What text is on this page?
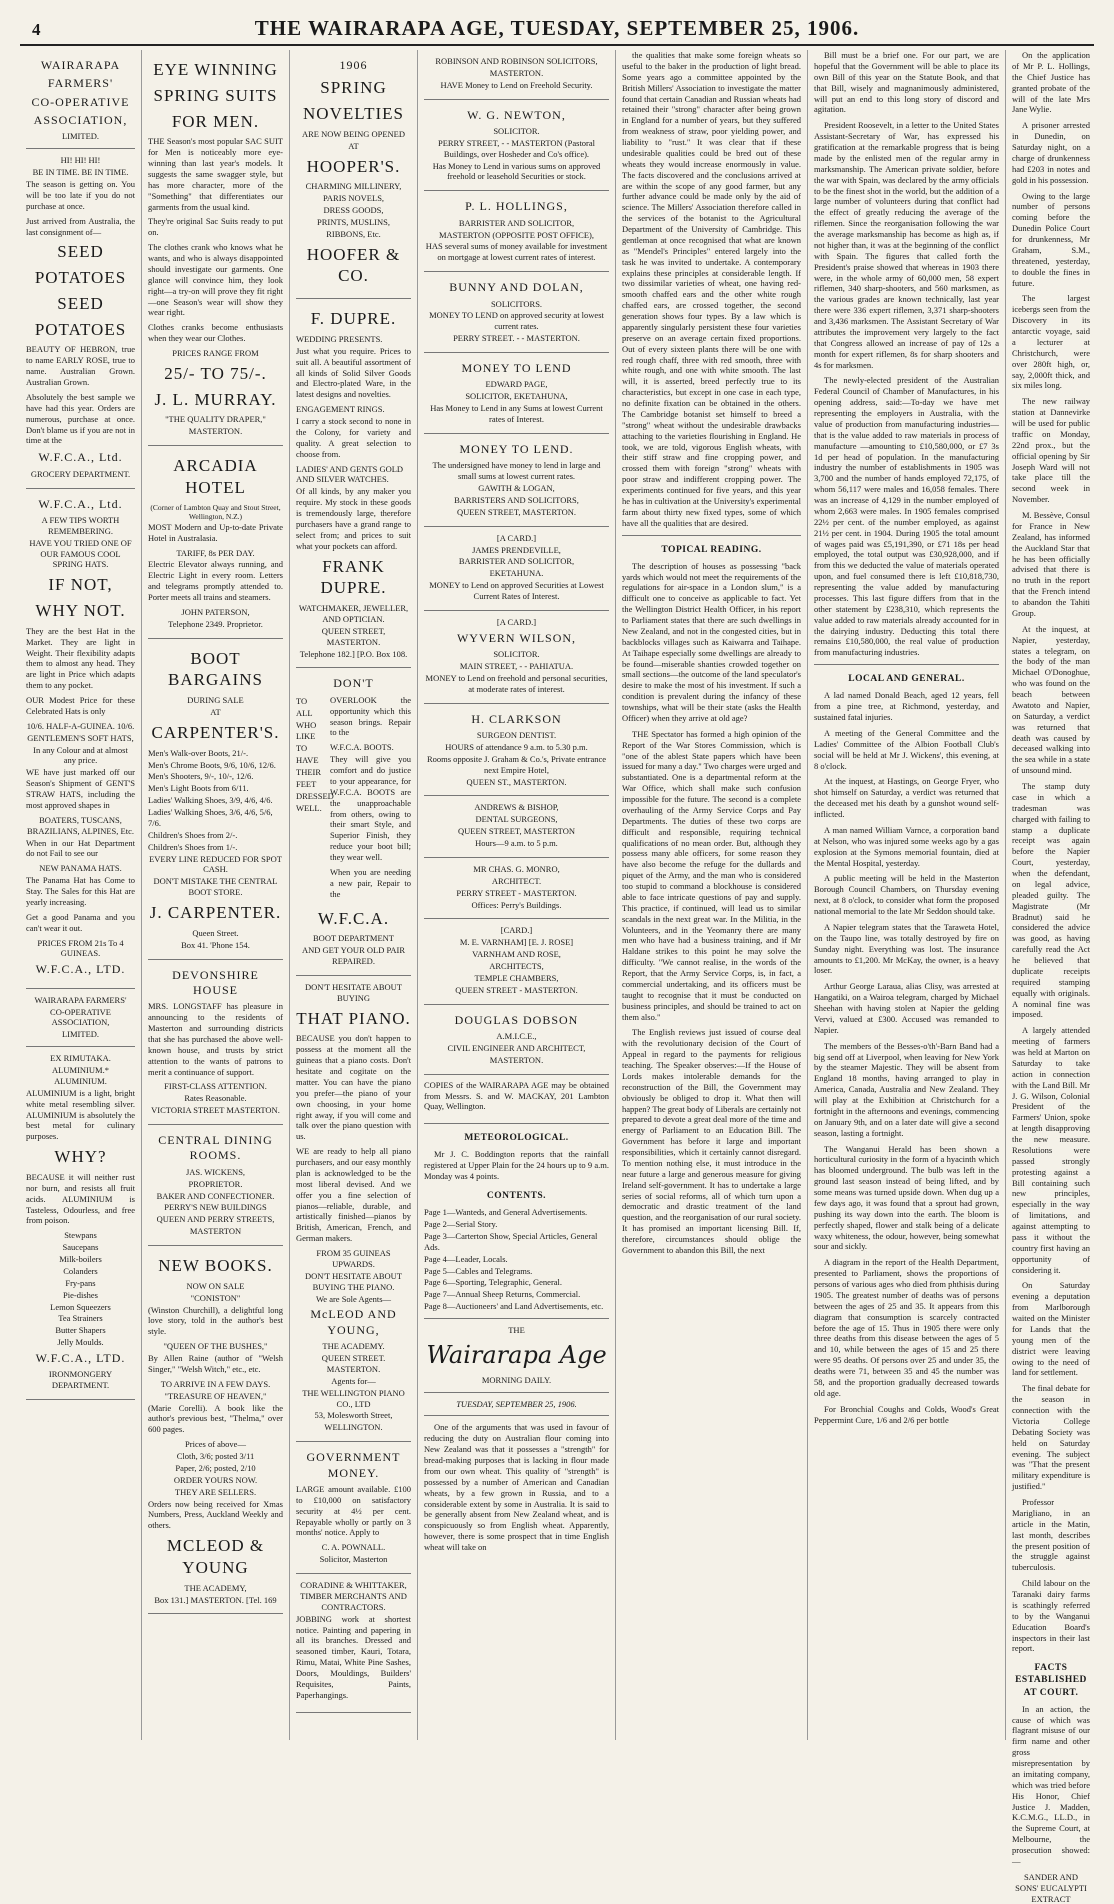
4	THE WAIRARAPA AGE, TUESDAY, SEPTEMBER 25, 1906.
WAIRARAPA
FARMERS'
CO-OPERATIVE
ASSOCIATION,
LIMITED.
HI! HI! HI!
BE IN TIME. BE IN TIME.

The season is getting on. You will be too late if you do not purchase at once.

Just arrived from Australia, the last consignment of—

SEED
POTATOES
SEED
POTATOES

BEAUTY OF HEBRON, true to name EARLY ROSE, true to name. Australian Grown. Australian Grown.

Absolutely the best sample we have had this year. Orders are numerous, purchase at once. Don't blame us if you are not in time at the

W.F.C.A., Ltd.
GROCERY DEPARTMENT.
W.F.C.A., Ltd.
A FEW TIPS WORTH REMEMBERING.
HAVE YOU TRIED ONE OF OUR FAMOUS COOL SPRING HATS.
IF NOT,
WHY NOT.

They are the best Hat in the Market. They are light in Weight. Their flexibility adapts them to almost any head. They are light in Price which adapts them to any pocket.

OUR Modest Price for these Celebrated Hats is only

10/6. HALF-A-GUINEA. 10/6.
GENTLEMEN'S SOFT HATS,
In any Colour and at almost any price.

WE have just marked off our Season's Shipment of GENT'S STRAW HATS, including the most approved shapes in

BOATERS, TUSCANS, BRAZILIANS, ALPINES, Etc.

When in our Hat Department do not Fail to see our

NEW PANAMA HATS.

The Panama Hat has Come to Stay. The Sales for this Hat are yearly increasing.

Get a good Panama and you can't wear it out.

PRICES FROM 21s To 4 GUINEAS.
W.F.C.A., LTD.
WAIRARAPA FARMERS'
CO-OPERATIVE ASSOCIATION,
LIMITED.
EX RIMUTAKA.
ALUMINIUM.* ALUMINIUM.

ALUMINIUM is a light, bright white metal resembling silver. ALUMINIUM is absolutely the best metal for culinary purposes.

WHY?

BECAUSE it will neither rust nor burn, and resists all fruit acids. ALUMINIUM is Tasteless, Odourless, and free from poison.

Stewpans
Saucepans
Milk-boilers
Colanders
Fry-pans
Pie-dishes
Lemon Squeezers
Tea Strainers
Butter Shapers
Jelly Moulds.
W.F.C.A., LTD.
IRONMONGERY DEPARTMENT.
EYE WINNING
SPRING SUITS
FOR MEN.

THE Season's most popular SAC SUIT for Men is noticeably more eye-winning than last year's models. It suggests the same swagger style, but has more character, more of the "Something" that differentiates our garments from the usual kind.

They're original Sac Suits ready to put on.

The clothes crank who knows what he wants, and who is always disappointed should investigate our garments. One glance will convince him, they look right—a try-on will prove they fit right—one Season's wear will show they wear right.

Clothes cranks become enthusiasts when they wear our Clothes.

PRICES RANGE FROM
25/- TO 75/-.
J. L. MURRAY.
"THE QUALITY DRAPER,"
MASTERTON.
ARCADIA HOTEL
(Corner of Lambton Quay and Stout Street, Wellington, N.Z.)

MOST Modern and Up-to-date Private Hotel in Australasia.

TARIFF, 8s PER DAY.

Electric Elevator always running, and Electric Light in every room. Letters and telegrams promptly attended to. Porter meets all trains and steamers.

JOHN PATERSON,
Telephone 2349. Proprietor.
BOOT BARGAINS
DURING SALE
AT
CARPENTER'S.
Men's Walk-over Boots, 21/-.
Men's Chrome Boots, 9/6, 10/6, 12/6.
Men's Shooters, 9/-, 10/-, 12/6.
Men's Light Boots from 6/11.
Ladies' Walking Shoes, 3/9, 4/6, 4/6.
Ladies' Walking Shoes, 3/6, 4/6, 5/6, 7/6.
Children's Shoes from 2/-.
Children's Shoes from 1/-.
EVERY LINE REDUCED FOR SPOT CASH.
DON'T MISTAKE THE CENTRAL BOOT STORE.
J. CARPENTER.
Queen Street.
Box 41. 'Phone 154.
DEVONSHIRE HOUSE

MRS. LONGSTAFF has pleasure in announcing to the residents of Masterton and surrounding districts that she has purchased the above well-known house, and trusts by strict attention to the wants of patrons to merit a continuance of support.

FIRST-CLASS ATTENTION.
Rates Reasonable.
VICTORIA STREET MASTERTON.
CENTRAL DINING ROOMS.
JAS. WICKENS,
PROPRIETOR.
BAKER AND CONFECTIONER.
PERRY'S NEW BUILDINGS
QUEEN AND PERRY STREETS,
MASTERTON
NEW BOOKS.
NOW ON SALE
"CONISTON"

(Winston Churchill), a delightful long love story, told in the author's best style.

"QUEEN OF THE BUSHES,"

By Allen Raine (author of "Welsh Singer," "Welsh Witch," etc., etc.

TO ARRIVE IN A FEW DAYS.
"TREASURE OF HEAVEN,"

(Marie Corelli). A book like the author's previous best, "Thelma," over 600 pages.

Prices of above—
Cloth, 3/6; posted 3/11
Paper, 2/6; posted, 2/10
ORDER YOURS NOW.
THEY ARE SELLERS.

Orders now being received for Xmas Numbers, Press, Auckland Weekly and others.

MCLEOD & YOUNG
THE ACADEMY,
Box 131.] MASTERTON. [Tel. 169
1906
SPRING
NOVELTIES
ARE NOW BEING OPENED
AT
HOOPER'S.
CHARMING MILLINERY,
PARIS NOVELS,
DRESS GOODS,
PRINTS, MUSLINS,
RIBBONS, Etc.
HOOFER & CO.
F. DUPRE.
WEDDING PRESENTS.

Just what you require. Prices to suit all. A beautiful assortment of all kinds of Solid Silver Goods and Electro-plated Ware, in the latest designs and novelties.

ENGAGEMENT RINGS.

I carry a stock second to none in the Colony, for variety and quality. A great selection to choose from.

LADIES' AND GENTS GOLD AND SILVER WATCHES.

Of all kinds, by any maker you require. My stock in these goods is tremendously large, therefore purchasers have a grand range to select from; and prices to suit what your pockets can afford.

FRANK DUPRE.
WATCHMAKER, JEWELLER, AND OPTICIAN.
QUEEN STREET, MASTERTON.
Telephone 182.] [P.O. Box 108.
DON'T
TO
ALL
WHO
LIKE
TO
HAVE
THEIR
FEET
DRESSED
WELL.

OVERLOOK the opportunity which this season brings. Repair to the

W.F.C.A. BOOTS.

They will give you comfort and do justice to your appearance, for W.F.C.A. BOOTS are the unapproachable from others, owing to their smart Style, and Superior Finish, they reduce your boot bill; they wear well.

When you are needing a new pair, Repair to the

W.F.C.A.
BOOT DEPARTMENT
AND GET YOUR OLD PAIR REPAIRED.
DON'T HESITATE ABOUT BUYING
THAT PIANO.

BECAUSE you don't happen to possess at the moment all the guineas that a piano costs. Don't hesitate and cogitate on the matter. You can have the piano you prefer—the piano of your own choosing, in your home right away, if you will come and talk over the piano question with us.

WE are ready to help all piano purchasers, and our easy monthly plan is acknowledged to be the most liberal devised. And we offer you a fine selection of pianos—reliable, durable, and artistically finished—pianos by British, American, French, and German makers.

FROM 35 GUINEAS UPWARDS.
DON'T HESITATE ABOUT BUYING THE PIANO.
We are Sole Agents—
McLEOD AND YOUNG,
THE ACADEMY.
QUEEN STREET. MASTERTON.
Agents for—
THE WELLINGTON PIANO CO., LTD
53, Molesworth Street,
WELLINGTON.
GOVERNMENT MONEY.

LARGE amount available. £100 to £10,000 on satisfactory security at 4½ per cent. Repayable wholly or partly on 3 months' notice. Apply to

C. A. POWNALL.
Solicitor, Masterton
CORADINE & WHITTAKER, TIMBER MERCHANTS AND CONTRACTORS.

JOBBING work at shortest notice. Painting and papering in all its branches. Dressed and seasoned timber, Kauri, Totara, Rimu, Matai, White Pine Sashes, Doors, Mouldings, Builders' Requisites, Paints, Paperhangings.

ROBINSON AND ROBINSON SOLICITORS,
MASTERTON.
HAVE Money to Lend on Freehold Security.
W. G. NEWTON,
SOLICITOR.
PERRY STREET, - - MASTERTON (Pastoral Buildings, over Hosheder and Co's office).
Has Money to Lend in various sums on approved freehold or leasehold Securities or stock.
P. L. HOLLINGS,
BARRISTER AND SOLICITOR,
MASTERTON (OPPOSITE POST OFFICE),
HAS several sums of money available for investment on mortgage at lowest current rates of interest.
BUNNY AND DOLAN,
SOLICITORS.
MONEY TO LEND on approved security at lowest current rates.
PERRY STREET. - - MASTERTON.
MONEY TO LEND
EDWARD PAGE,
SOLICITOR, EKETAHUNA,
Has Money to Lend in any Sums at lowest Current rates of Interest.
MONEY TO LEND.
The undersigned have money to lend in large and small sums at lowest current rates.
GAWITH & LOGAN,
BARRISTERS AND SOLICITORS,
QUEEN STREET, MASTERTON.
[A CARD.]
JAMES PRENDEVILLE,
BARRISTER AND SOLICITOR,
EKETAHUNA.
MONEY to Lend on approved Securities at Lowest Current Rates of Interest.
[A CARD.]
WYVERN WILSON,
SOLICITOR.
MAIN STREET, - - PAHIATUA.
MONEY to Lend on freehold and personal securities, at moderate rates of interest.
H. CLARKSON
SURGEON DENTIST.
HOURS of attendance 9 a.m. to 5.30 p.m.
Rooms opposite J. Graham & Co.'s, Private entrance next Empire Hotel,
QUEEN ST., MASTERTON.
ANDREWS & BISHOP,
DENTAL SURGEONS,
QUEEN STREET, MASTERTON
Hours—9 a.m. to 5 p.m.
MR CHAS. G. MONRO,
ARCHITECT.
PERRY STREET - MASTERTON.
Offices: Perry's Buildings.
[CARD.]
M. E. VARNHAM] [E. J. ROSE]
VARNHAM AND ROSE,
ARCHITECTS,
TEMPLE CHAMBERS,
QUEEN STREET - MASTERTON.
DOUGLAS DOBSON
A.M.I.C.E.,
CIVIL ENGINEER AND ARCHITECT,
MASTERTON.

COPIES of the WAIRARAPA AGE may be obtained from Messrs. S. and W. MACKAY, 201 Lambton Quay, Wellington.

METEOROLOGICAL.

Mr J. C. Boddington reports that the rainfall registered at Upper Plain for the 24 hours up to 9 a.m. Monday was 4 points.

CONTENTS.
Page 1—Wanteds, and General Advertisements.
Page 2—Serial Story.
Page 3—Carterton Show, Special Articles, General Ads.
Page 4—Leader, Locals.
Page 5—Cables and Telegrams.
Page 6—Sporting, Telegraphic, General.
Page 7—Annual Sheep Returns, Commercial.
Page 8—Auctioneers' and Land Advertisements, etc.
THE
Wairarapa Age
MORNING DAILY.
TUESDAY, SEPTEMBER 25, 1906.

One of the arguments that was used in favour of reducing the duty on Australian flour coming into New Zealand was that it possesses a "strength" for bread-making purposes that is lacking in flour made from our own wheat. This quality of "strength" is possessed by a number of American and Canadian wheats, by a few grown in Russia, and to a considerable extent by some in Australia. It is said to be generally absent from New Zealand wheat, and is conspicuously so from English wheat. Apparently, however, there is some prospect that in time English wheat will take on

the qualities that make some foreign wheats so useful to the baker in the production of light bread. Some years ago a committee appointed by the British Millers' Association to investigate the matter found that certain Canadian and Russian wheats had retained their "strong" character after being grown in England for a number of years, but they suffered from weakness of straw, poor yielding power, and liability to "rust." It was clear that if these undesirable qualities could be bred out of these wheats they would increase enormously in value. The facts discovered and the conclusions arrived at are within the scope of any good farmer, but any further advance could be made only by the aid of science. The Millers' Association therefore called in the services of the botanist to the Agricultural Department of the University of Cambridge. This gentleman at once recognised that what are known as "Mendel's Principles" entered largely into the task he was invited to undertake. A contemporary explains these principles at considerable length. If two dissimilar varieties of wheat, one having red-smooth chaffed ears and the other white rough chaffed ears, are crossed together, the second generation shows four types. By a law which is apparently singularly persistent these four varieties preserve on an average certain fixed proportions. Out of every sixteen plants there will be one with red rough chaff, three with red smooth, three with white rough, and one with white smooth. The last will, it is asserted, breed perfectly true to its characteristics, but except in one case in each type, no definite fixation can be obtained in the others. The Cambridge botanist set himself to breed a "strong" wheat without the undesirable drawbacks attaching to the varieties flourishing in England. He took, we are told, vigorous English wheats, with their stiff straw and fine cropping power, and crossed them with foreign "strong" wheats with poor straw and indifferent cropping power. The experiments continued for five years, and this year he has in cultivation at the University's experimental farm about thirty new fixed types, some of which have all the qualities that are desired.

TOPICAL READING.

The description of houses as possessing "back yards which would not meet the requirements of the regulations for air-space in a London slum," is a difficult one to conceive as applicable to fact. Yet the Wellington District Health Officer, in his report to Parliament states that there are such dwellings in New Zealand, and not in the congested cities, but in backblocks villages such as Kaiwarra and Taihape. At Taihape especially some dwellings are already to be found—miserable shanties crowded together on small sections—the outcome of the land speculator's desire to make the most of his investment. If such a condition is prevalent during the infancy of these townships, what will be their state (asks the Health Officer) when they arrive at old age?

THE Spectator has formed a high opinion of the Report of the War Stores Commission, which is "one of the ablest State papers which have been issued for many a day." Two charges were urged and substantiated. One is a departmental reform at the War Office, which shall make such confusion impossible for the future. The second is a complete overhauling of the Army Service Corps and Pay Departments. The duties of these two corps are difficult and responsible, requiring technical qualifications of no mean order. But, although they possess many able officers, for some reason they have also become the refuge for the dullards and piquet of the Army, and the man who is considered too stupid to command a blockhouse is considered able to face intricate questions of pay and supply. This practice, if continued, will lead us to similar scandals in the next great war. In the Militia, in the Volunteers, and in the Yeomanry there are many men who have had a business training, and if Mr Haldane strikes to this point he may solve the difficulty. "We cannot realise, in the words of the Report, that the Army Service Corps, is, in fact, a commercial undertaking, and its officers must be taught to recognise that it must be conducted on business principles, and should be trained to act on them also."

The English reviews just issued of course deal with the revolutionary decision of the Court of Appeal in regard to the payments for religious teaching. The Speaker observes:—If the House of Lords makes intolerable demands for the reconstruction of the Bill, the Government may obviously be obliged to drop it. What then will happen? The great body of Liberals are certainly not prepared to devote a great deal more of the time and energy of Parliament to an Education Bill. The Government has before it large and important responsibilities, which it certainly cannot disregard. To mention nothing else, it must introduce in the near future a large and generous measure for giving Ireland self-government. It has to undertake a large series of social reforms, all of which turn upon a democratic and drastic treatment of the land question, and the reorganisation of our rural society. It has promised an important licensing Bill. If, therefore, circumstances should oblige the Government to abandon this Bill, the next

Bill must be a brief one. For our part, we are hopeful that the Government will be able to place its own Bill of this year on the Statute Book, and that that Bill, wisely and magnanimously administered, will put an end to this long story of discord and agitation.

President Roosevelt, in a letter to the United States Assistant-Secretary of War, has expressed his gratification at the remarkable progress that is being made by the enlisted men of the regular army in marksmanship. The American private soldier, before the war with Spain, was declared by the army officials to be the finest shot in the world, but the addition of a large number of volunteers during that conflict had the effect of greatly reducing the average of the riflemen. Since the reorganisation following the war the average marksmanship has become as high as, if not higher than, it was at the beginning of the conflict with Spain. The figures that called forth the President's praise showed that whereas in 1903 there were, in the whole army of 60,000 men, 58 expert riflemen, 340 sharp-shooters, and 560 marksmen, as the various grades are known technically, last year there were 336 expert riflemen, 3,371 sharp-shooters and 3,436 marksmen. The Assistant Secretary of War attributes the improvement very largely to the fact that Congress allowed an increase of pay of 12s a month for expert riflemen, 8s for sharp shooters and 4s for marksmen.

The newly-elected president of the Australian Federal Council of Chamber of Manufactures, in his opening address, said:—To-day we have met representing the employers in Australia, with the value of production from manufacturing industries—that is the value added to raw materials in process of manufacture —amounting to £10,580,000, or £7 3s 1d per head of population. In the manufacturing industry the number of establishments in 1905 was 3,700 and the number of hands employed 72,175, of whom 56,117 were males and 16,058 females. There was an increase of 4,129 in the number employed of whom 2,663 were males. In 1905 females comprised 22½ per cent. of the number employed, as against 21½ per cent. in 1904. During 1905 the total amount of wages paid was £5,191,390, or £71 18s per head employed, the total output was £30,928,000, and if from this we deducted the value of materials operated upon, and fuel consumed there is left £10,818,730, representing the value added by manufacturing processes. This last figure differs from that in the other statement by £238,310, which represents the value added to raw materials already accounted for in the dairying industry. Deducting this total there remains £10,580,000, the real value of production from manufacturing industries.

LOCAL AND GENERAL.

A lad named Donald Beach, aged 12 years, fell from a pine tree, at Richmond, yesterday, and sustained fatal injuries.

A meeting of the General Committee and the Ladies' Committee of the Albion Football Club's social will be held at Mr J. Wickens', this evening, at 8 o'clock.

At the inquest, at Hastings, on George Fryer, who shot himself on Saturday, a verdict was returned that the deceased met his death by a gunshot wound self-inflicted.

A man named William Varnce, a corporation band at Nelson, who was injured some weeks ago by a gas explosion at the Symons memorial fountain, died at the Mental Hospital, yesterday.

A public meeting will be held in the Masterton Borough Council Chambers, on Thursday evening next, at 8 o'clock, to consider what form the proposed national memorial to the late Mr Seddon should take.

A Napier telegram states that the Taraweta Hotel, on the Taupo line, was totally destroyed by fire on Sunday night. Everything was lost. The insurance amounts to £1,200. Mr McKay, the owner, is a heavy loser.

Arthur George Laraua, alias Clisy, was arrested at Hangatiki, on a Wairoa telegram, charged by Michael Sheehan with having stolen at Napier the gelding Vervi, valued at £300. Accused was remanded to Napier.

The members of the Besses-o'th'-Barn Band had a big send off at Liverpool, when leaving for New York by the steamer Majestic. They will be absent from England 18 months, having arranged to play in America, Canada, Australia and New Zealand. They will play at the Exhibition at Christchurch for a fortnight in the afternoons and evenings, commencing on January 9th, and on a later date will give a second season, lasting a fortnight.

The Wanganui Herald has been shown a horticultural curiosity in the form of a hyacinth which has bloomed underground. The bulb was left in the ground last season instead of being lifted, and by some means was turned upside down. When dug up a few days ago, it was found that a sprout had grown, pushing its way down into the earth. The bloom is perfectly shaped, flower and stalk being of a delicate waxy whiteness, the odour, however, being somewhat sour and sickly.

A diagram in the report of the Health Department, presented to Parliament, shows the proportions of persons of various ages who died from phthisis during 1905. The greatest number of deaths was of persons between the ages of 25 and 35. It appears from this diagram that consumption is scarcely contracted before the age of 15. Thus in 1905 there were only three deaths from this disease between the ages of 5 and 10, while between the ages of 15 and 25 there were 95 deaths. Of persons over 25 and under 35, the deaths were 71, between 35 and 45 the number was 58, and the proportion gradually decreased towards old age.

For Bronchial Coughs and Colds, Wood's Great Peppermint Cure, 1/6 and 2/6 per bottle

On the application of Mr P. L. Hollings, the Chief Justice has granted probate of the will of the late Mrs Jane Wylie.

A prisoner arrested in Dunedin, on Saturday night, on a charge of drunkenness had £203 in notes and gold in his possession.

Owing to the large number of persons coming before the Dunedin Police Court for drunkenness, Mr Graham, S.M., threatened, yesterday, to double the fines in future.

The largest icebergs seen from the Discovery in its antarctic voyage, said a lecturer at Christchurch, were over 280ft high, or, say, 2,000ft thick, and six miles long.

The new railway station at Dannevirke will be used for public traffic on Monday, 22nd prox., but the official opening by Sir Joseph Ward will not take place till the second week in November.

M. Bessève, Consul for France in New Zealand, has informed the Auckland Star that he has been officially advised that there is no truth in the report that the French intend to abandon the Tahiti Group.

At the inquest, at Napier, yesterday, states a telegram, on the body of the man Michael O'Donoghue, who was found on the beach between Awatoto and Napier, on Saturday, a verdict was returned that death was caused by deceased walking into the sea while in a state of unsound mind.

The stamp duty case in which a tradesman was charged with failing to stamp a duplicate receipt was again before the Napier Court, yesterday, when the defendant, on legal advice, pleaded guilty. The Magistrate (Mr Bradnut) said he considered the advice was good, as having carefully read the Act he believed that duplicate receipts required stamping equally with originals. A nominal fine was imposed.

A largely attended meeting of farmers was held at Marton on Saturday to take action in connection with the Land Bill. Mr J. G. Wilson, Colonial President of the Farmers' Union, spoke at length disapproving the new measure. Resolutions were passed strongly protesting against a Bill containing such new principles, especially in the way of limitations, and against attempting to pass it without the country first having an opportunity of considering it.

On Saturday evening a deputation from Marlborough waited on the Minister for Lands that the young men of the district were leaving owing to the need of land for settlement.

The final debate for the season in connection with the Victoria College Debating Society was held on Saturday evening. The subject was "That the present military expenditure is justified."

Professor Marigliano, in an article in the Matin, last month, describes the present position of the struggle against tuberculosis.

Child labour on the Taranaki dairy farms is scathingly referred to by the Wanganui Education Board's inspectors in their last report.

FACTS ESTABLISHED AT COURT.

In an action, the cause of which was flagrant misuse of our firm name and other gross misrepresentation by an imitating company, which was tried before His Honor, Chief Justice J. Madden, K.C.M.G., LL.D., in the Supreme Court, at Melbourne, the prosecution showed:—

SANDER AND SONS' EUCALYPTI EXTRACT
